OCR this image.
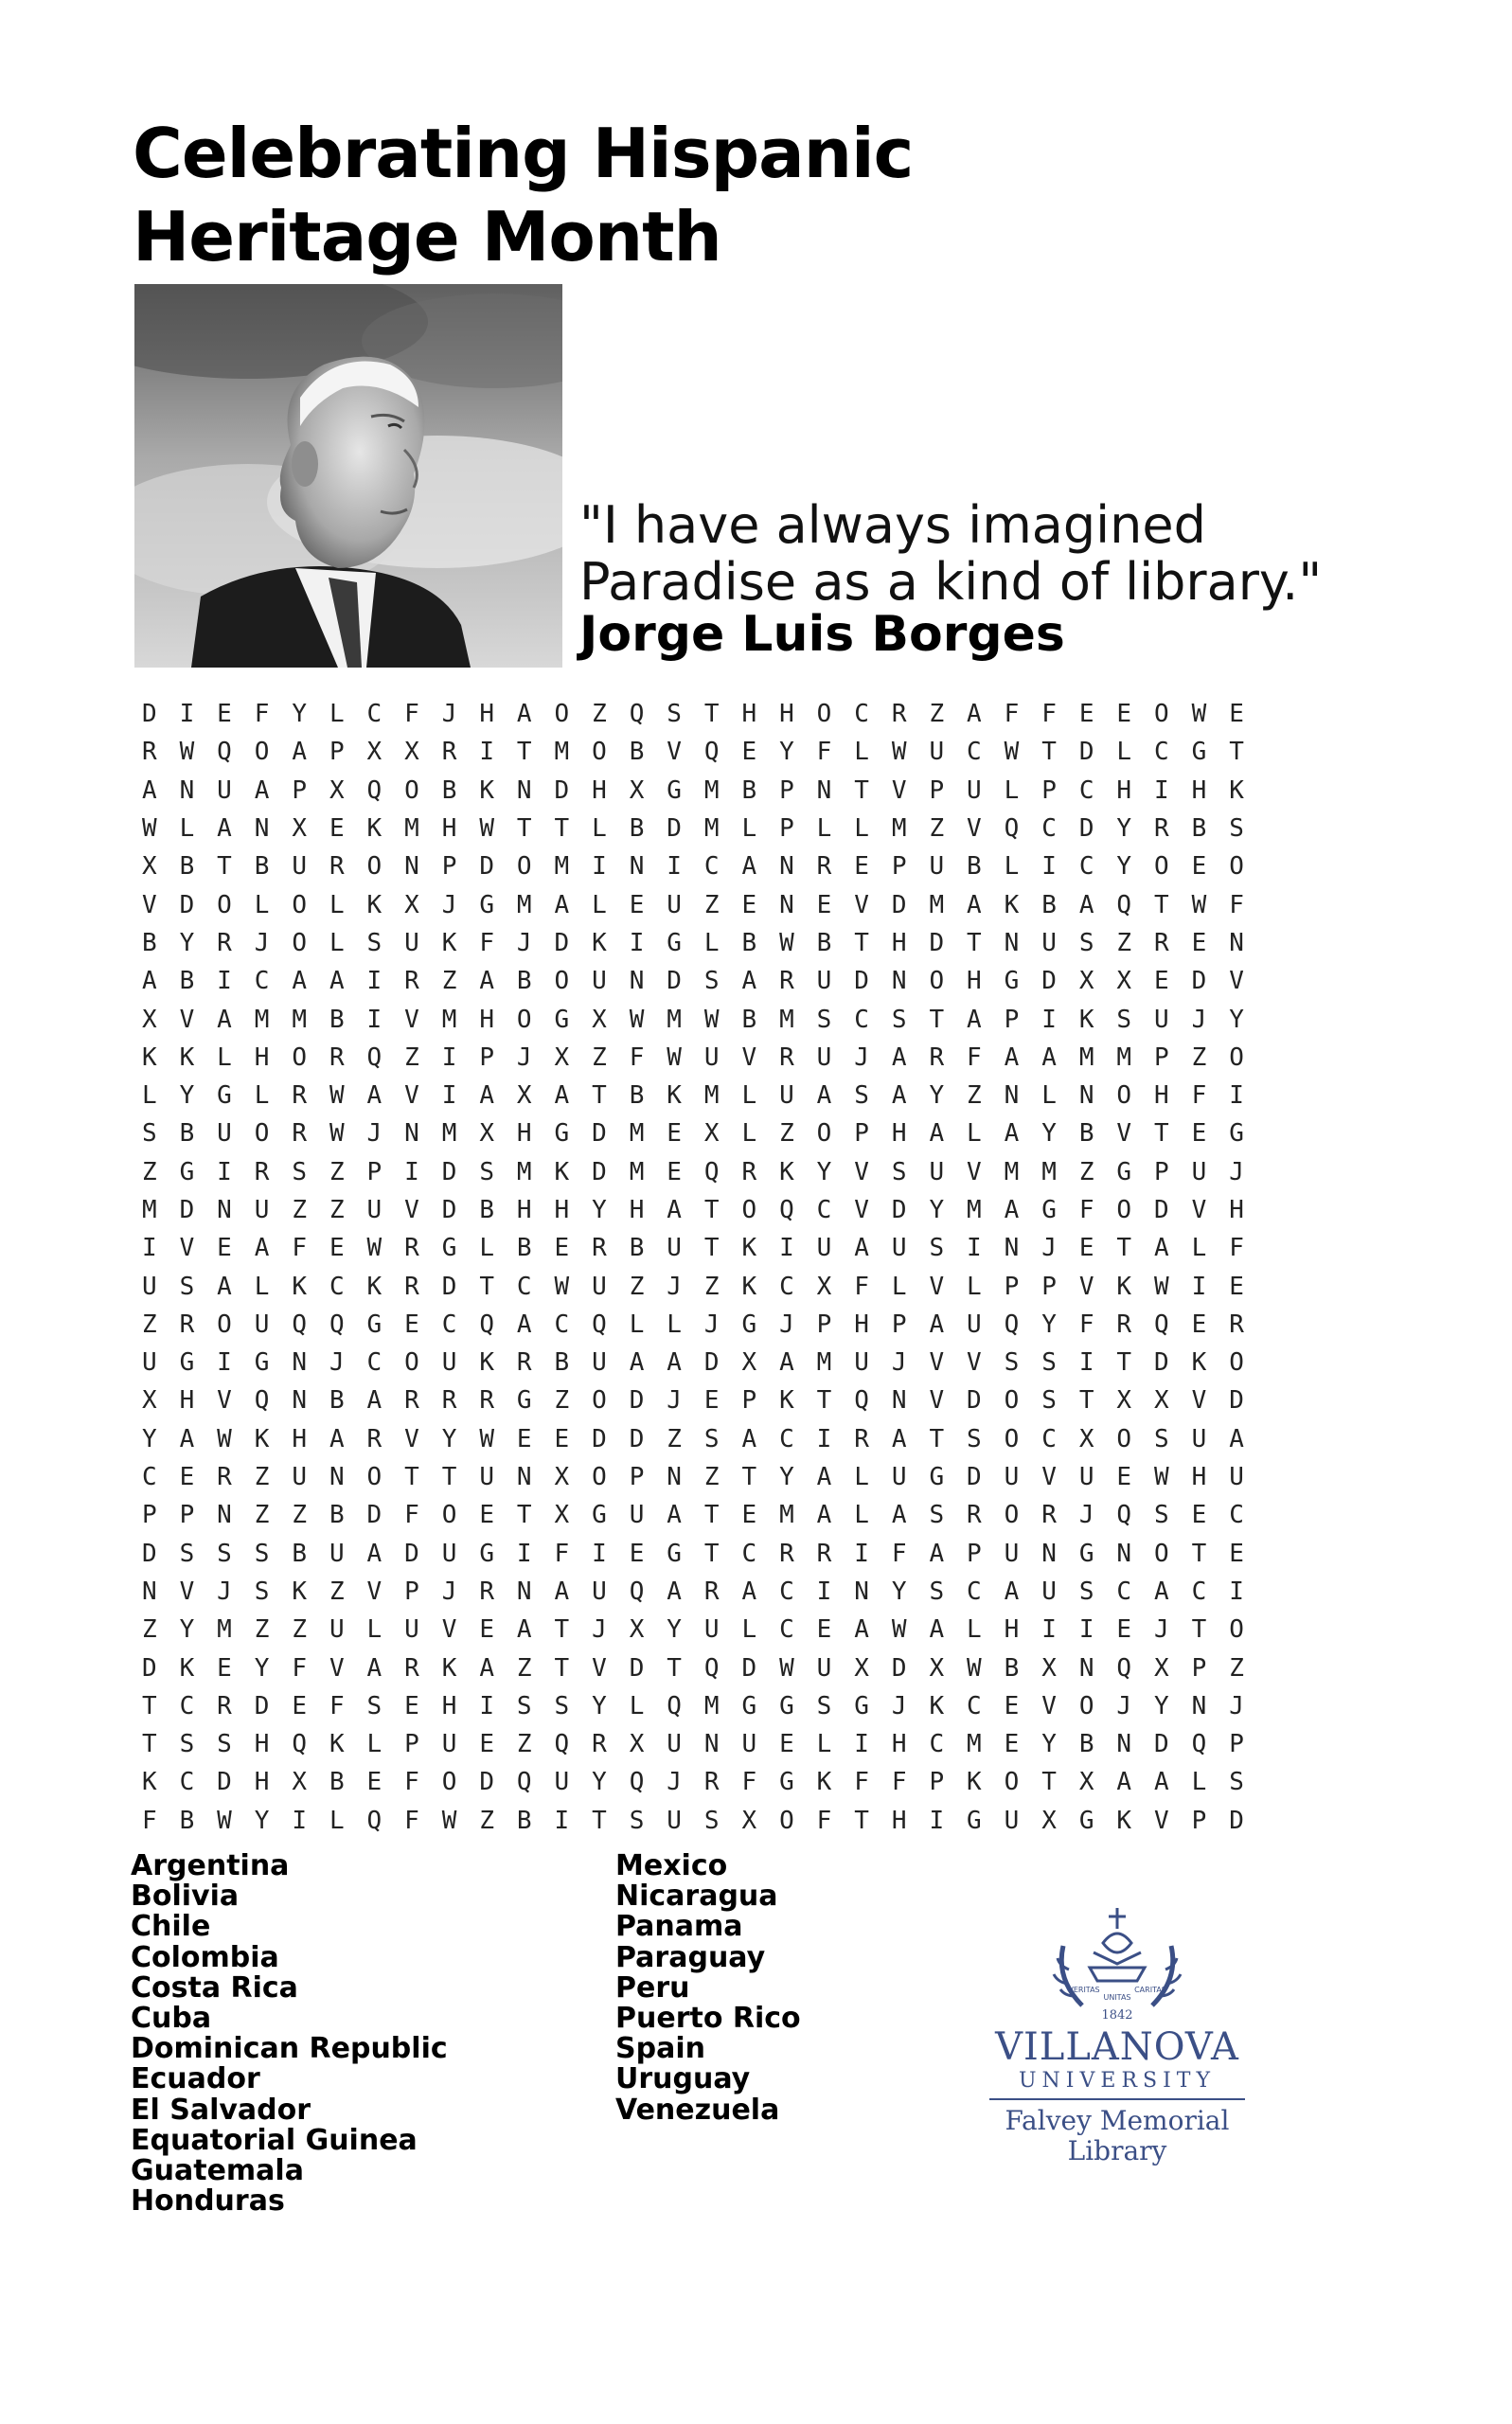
Celebrating Hispanic
Heritage Month
"I have always imagined
Paradise as a kind of library."
Jorge Luis Borges
D I E F Y L C F J H A O Z Q S T H H O C R Z A F F E E O W E
R W Q O A P X X R I T M O B V Q E Y F L W U C W T D L C G T
A N U A P X Q O B K N D H X G M B P N T V P U L P C H I H K
W L A N X E K M H W T T L B D M L P L L M Z V Q C D Y R B S
X B T B U R O N P D O M I N I C A N R E P U B L I C Y O E O
V D O L O L K X J G M A L E U Z E N E V D M A K B A Q T W F
B Y R J O L S U K F J D K I G L B W B T H D T N U S Z R E N
A B I C A A I R Z A B O U N D S A R U D N O H G D X X E D V
X V A M M B I V M H O G X W M W B M S C S T A P I K S U J Y
K K L H O R Q Z I P J X Z F W U V R U J A R F A A M M P Z O
L Y G L R W A V I A X A T B K M L U A S A Y Z N L N O H F I
S B U O R W J N M X H G D M E X L Z O P H A L A Y B V T E G
Z G I R S Z P I D S M K D M E Q R K Y V S U V M M Z G P U J
M D N U Z Z U V D B H H Y H A T O Q C V D Y M A G F O D V H
I V E A F E W R G L B E R B U T K I U A U S I N J E T A L F
U S A L K C K R D T C W U Z J Z K C X F L V L P P V K W I E
Z R O U Q Q G E C Q A C Q L L J G J P H P A U Q Y F R Q E R
U G I G N J C O U K R B U A A D X A M U J V V S S I T D K O
X H V Q N B A R R R G Z O D J E P K T Q N V D O S T X X V D
Y A W K H A R V Y W E E D D Z S A C I R A T S O C X O S U A
C E R Z U N O T T U N X O P N Z T Y A L U G D U V U E W H U
P P N Z Z B D F O E T X G U A T E M A L A S R O R J Q S E C
D S S S B U A D U G I F I E G T C R R I F A P U N G N O T E
N V J S K Z V P J R N A U Q A R A C I N Y S C A U S C A C I
Z Y M Z Z U L U V E A T J X Y U L C E A W A L H I I E J T O
D K E Y F V A R K A Z T V D T Q D W U X D X W B X N Q X P Z
T C R D E F S E H I S S Y L Q M G G S G J K C E V O J Y N J
T S S H Q K L P U E Z Q R X U N U E L I H C M E Y B N D Q P
K C D H X B E F O D Q U Y Q J R F G K F F P K O T X A A L S
F B W Y I L Q F W Z B I T S U S X O F T H I G U X G K V P D
Argentina
Bolivia
Chile
Colombia
Costa Rica
Cuba
Dominican Republic
Ecuador
El Salvador
Equatorial Guinea
Guatemala
Honduras
Mexico
Nicaragua
Panama
Paraguay
Peru
Puerto Rico
Spain
Uruguay
Venezuela
VERITAS
UNITAS
CARITAS
1842
VILLANOVA
UNIVERSITY
Falvey Memorial Library
